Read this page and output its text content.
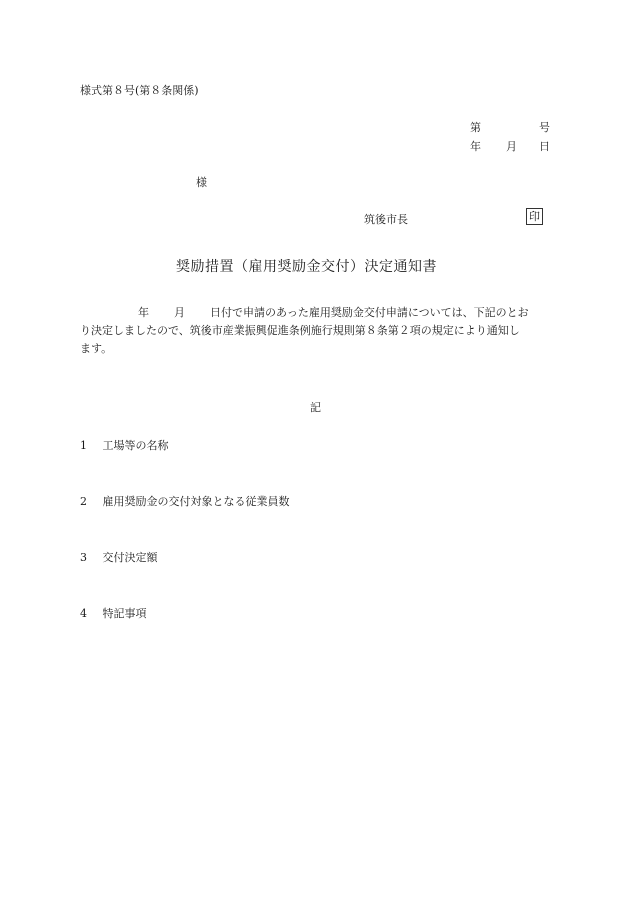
様式第８号(第８条関係)
第	号
年 月 日
様
筑後市長	印
奨励措置（雇用奨励金交付）決定通知書
年 月 日付で申請のあった雇用奨励金交付申請については、下記のとお
り決定しましたので、筑後市産業振興促進条例施行規則第８条第２項の規定により通知し
ます。
記
1 工場等の名称
2 雇用奨励金の交付対象となる従業員数
3 交付決定額
4 特記事項
